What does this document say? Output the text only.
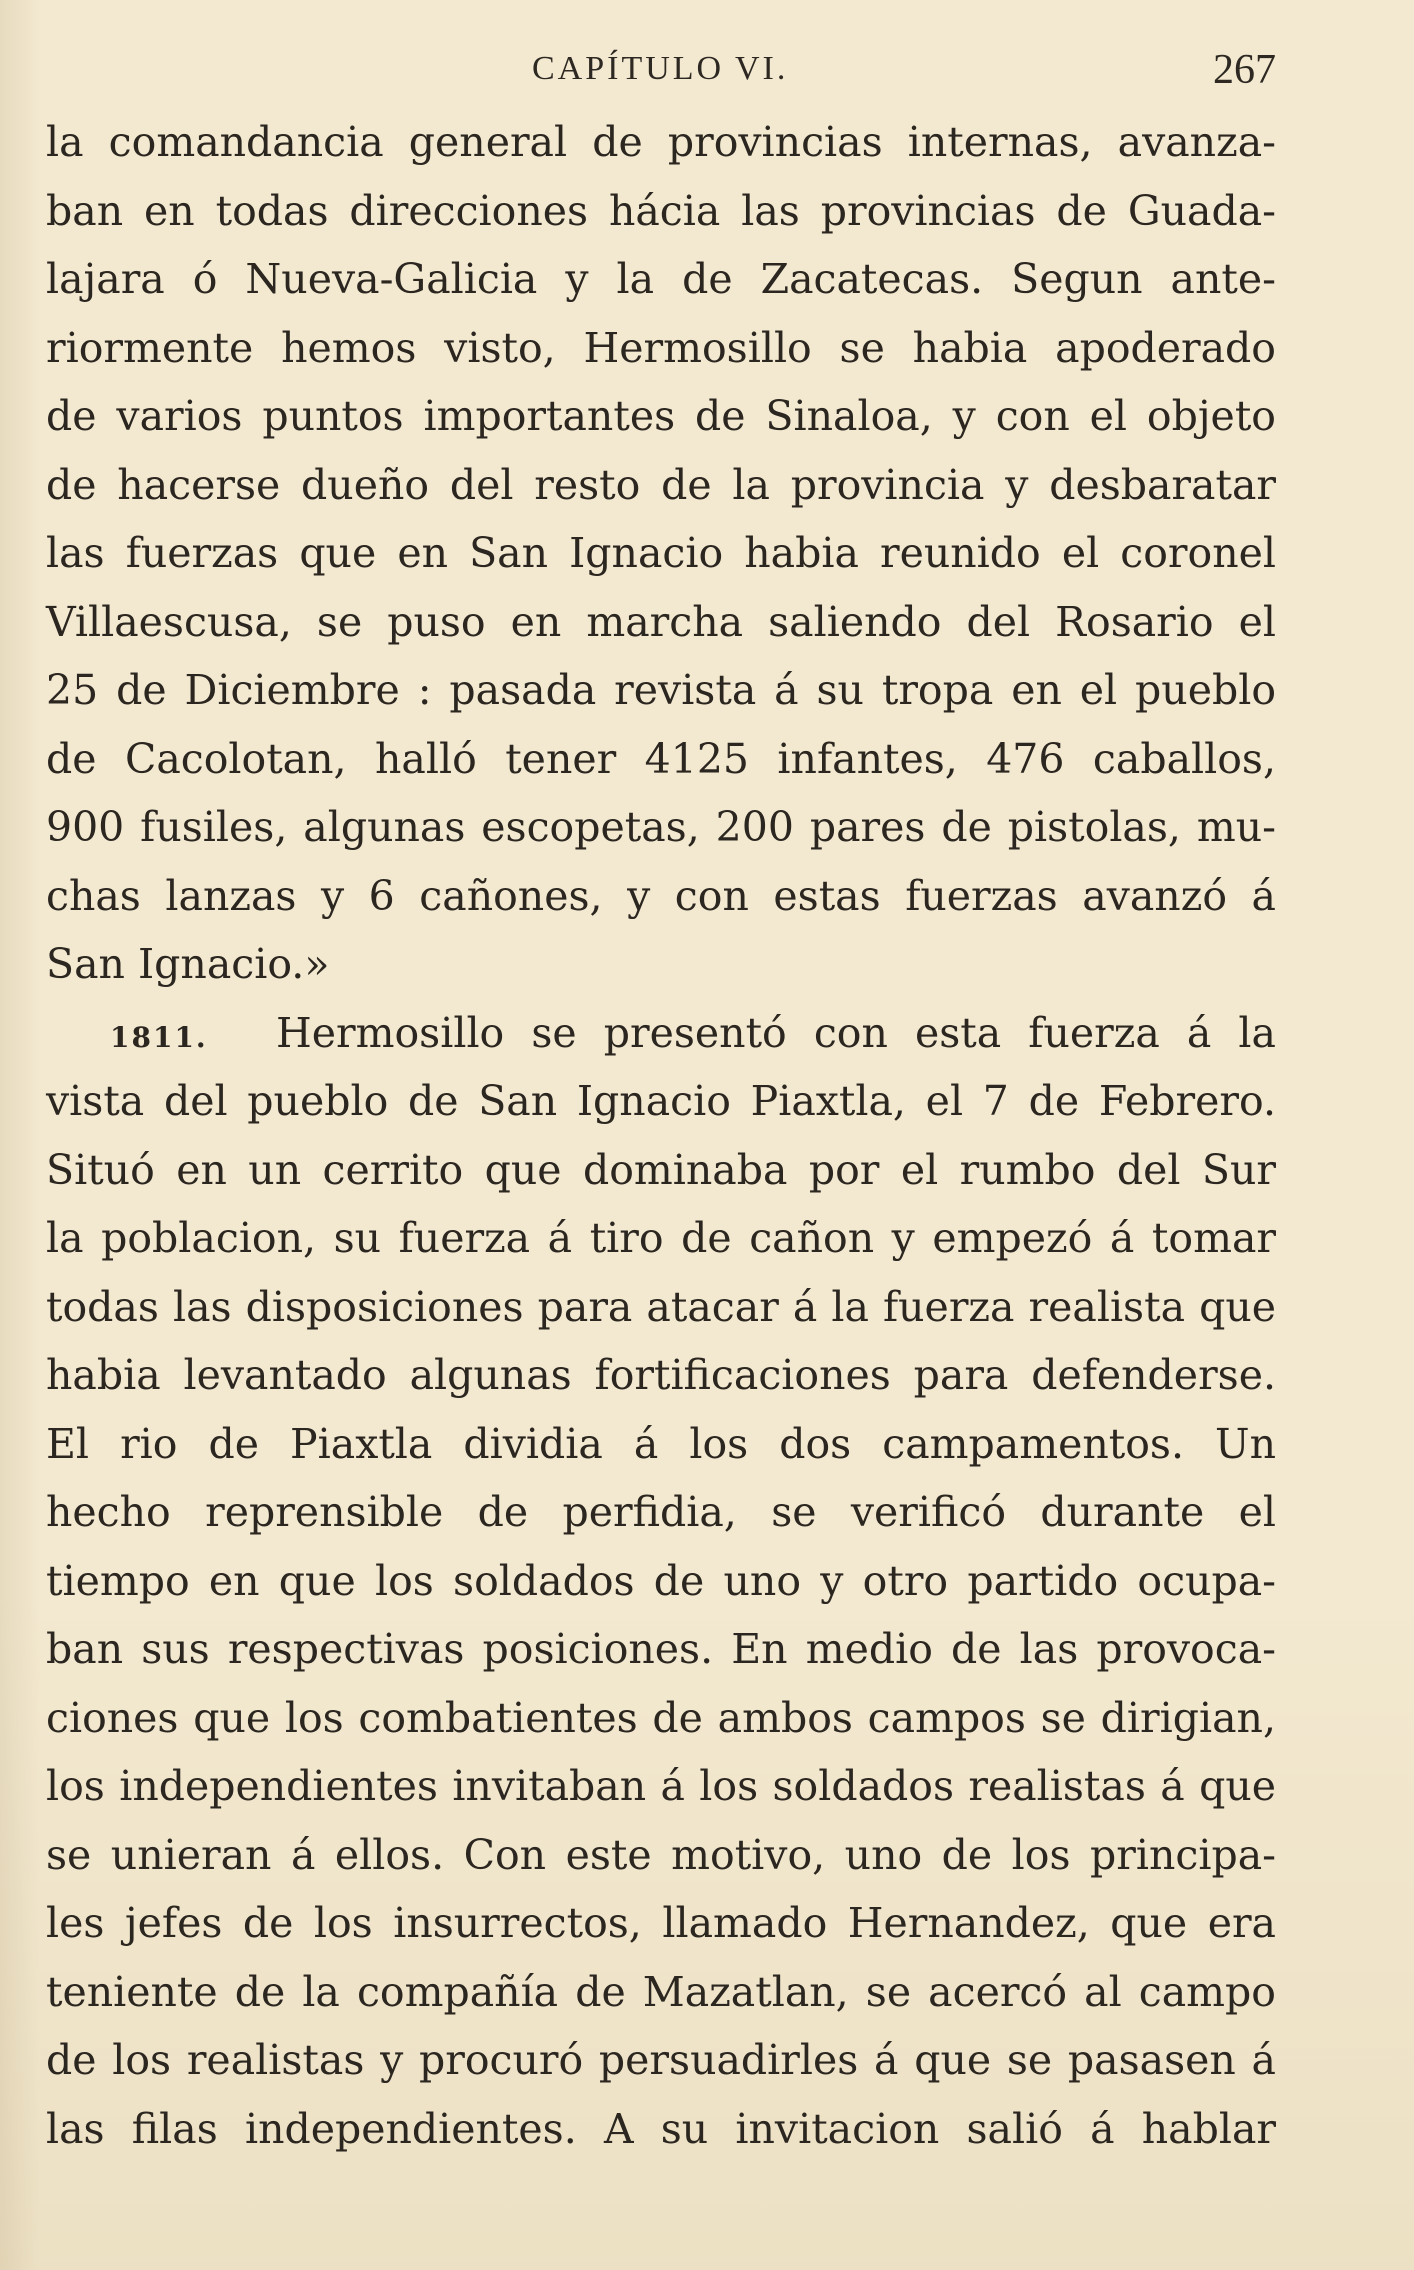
CAPÍTULO VI.	267
la comandancia general de provincias internas, avanza-
ban en todas direcciones hácia las provincias de Guada-
lajara ó Nueva-Galicia y la de Zacatecas. Segun ante-
riormente hemos visto, Hermosillo se habia apoderado
de varios puntos importantes de Sinaloa, y con el objeto
de hacerse dueño del resto de la provincia y desbaratar
las fuerzas que en San Ignacio habia reunido el coronel
Villaescusa, se puso en marcha saliendo del Rosario el
25 de Diciembre : pasada revista á su tropa en el pueblo
de Cacolotan, halló tener 4125 infantes, 476 caballos,
900 fusiles, algunas escopetas, 200 pares de pistolas, mu-
chas lanzas y 6 cañones, y con estas fuerzas avanzó á
San Ignacio.»
1811.	Hermosillo se presentó con esta fuerza á la
vista del pueblo de San Ignacio Piaxtla, el 7 de Febrero.
Situó en un cerrito que dominaba por el rumbo del Sur
la poblacion, su fuerza á tiro de cañon y empezó á tomar
todas las disposiciones para atacar á la fuerza realista que
habia levantado algunas fortificaciones para defenderse.
El rio de Piaxtla dividia á los dos campamentos. Un
hecho reprensible de perfidia, se verificó durante el
tiempo en que los soldados de uno y otro partido ocupa-
ban sus respectivas posiciones. En medio de las provoca-
ciones que los combatientes de ambos campos se dirigian,
los independientes invitaban á los soldados realistas á que
se unieran á ellos. Con este motivo, uno de los principa-
les jefes de los insurrectos, llamado Hernandez, que era
teniente de la compañía de Mazatlan, se acercó al campo
de los realistas y procuró persuadirles á que se pasasen á
las filas independientes. A su invitacion salió á hablar
